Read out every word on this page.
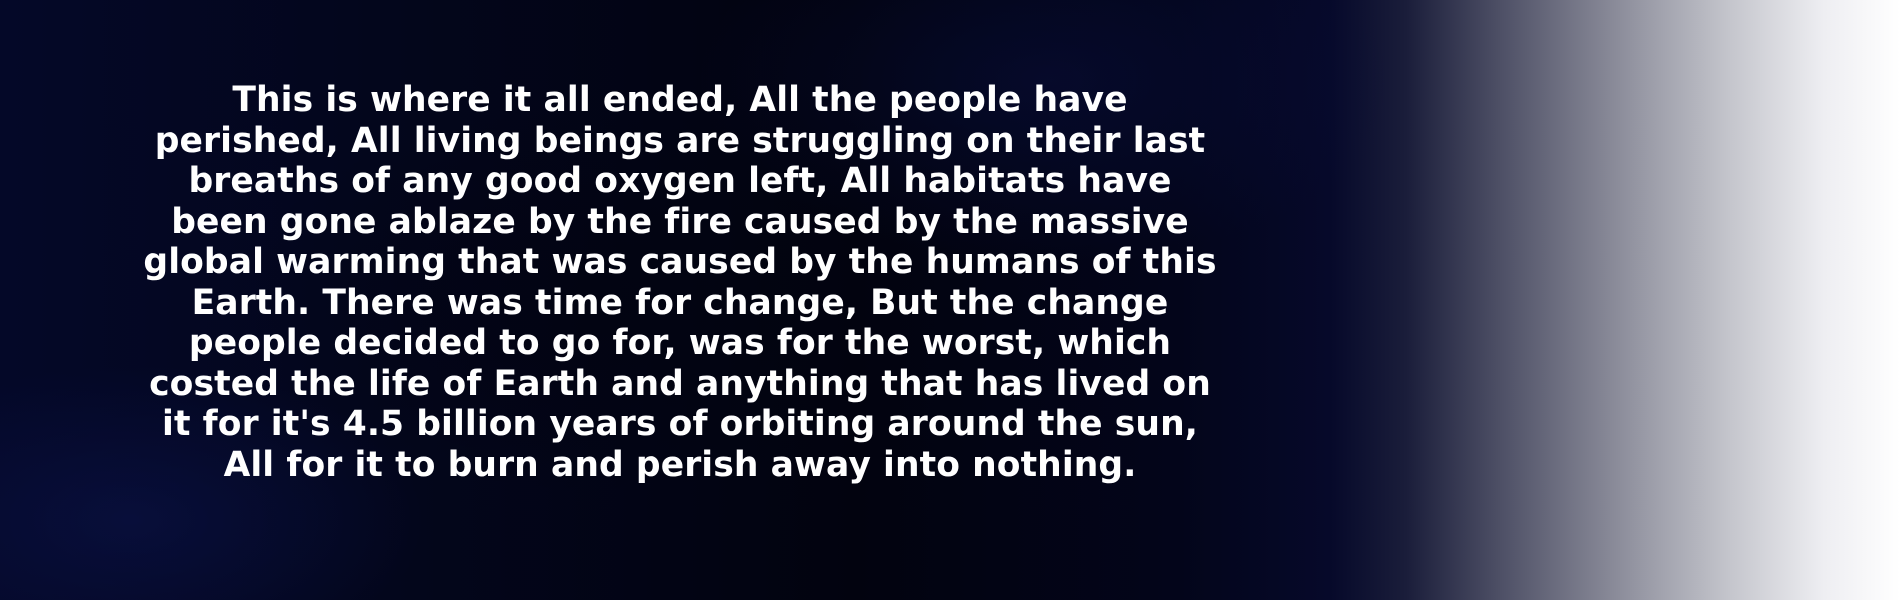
This is where it all ended, All the people have
perished, All living beings are struggling on their last
breaths of any good oxygen left, All habitats have
been gone ablaze by the fire caused by the massive
global warming that was caused by the humans of this
Earth. There was time for change, But the change
people decided to go for, was for the worst, which
costed the life of Earth and anything that has lived on
it for it's 4.5 billion years of orbiting around the sun,
All for it to burn and perish away into nothing.
